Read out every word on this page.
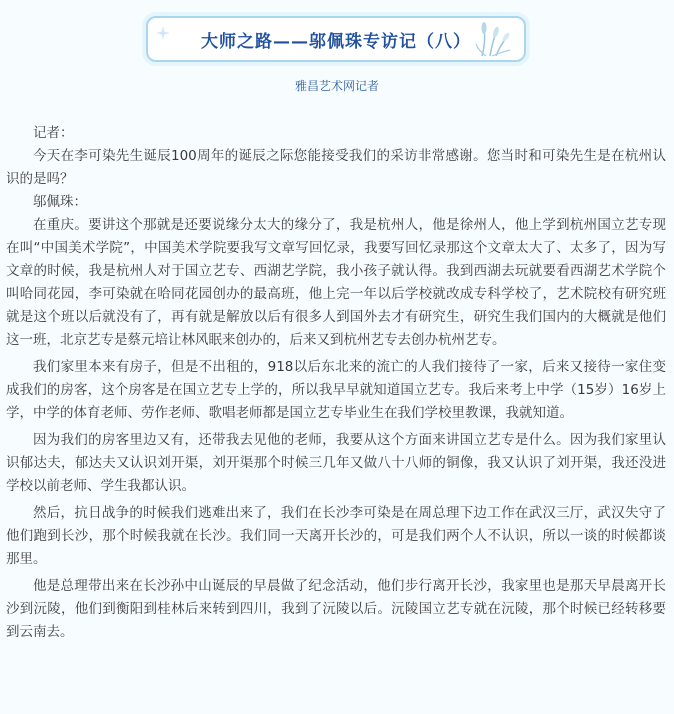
大师之路——邬佩珠专访记（八）
雅昌艺术网记者

记者：

今天在李可染先生诞辰100周年的诞辰之际您能接受我们的采访非常感谢。您当时和可染先生是在杭州认识的是吗？

邬佩珠：

在重庆。要讲这个那就是还要说缘分太大的缘分了，我是杭州人，他是徐州人，他上学到杭州国立艺专现在叫“中国美术学院”，中国美术学院要我写文章写回忆录，我要写回忆录那这个文章太大了、太多了，因为写文章的时候，我是杭州人对于国立艺专、西湖艺学院，我小孩子就认得。我到西湖去玩就要看西湖艺术学院个叫哈同花园，李可染就在哈同花园创办的最高班，他上完一年以后学校就改成专科学校了，艺术院校有研究班就是这个班以后就没有了，再有就是解放以后有很多人到国外去才有研究生，研究生我们国内的大概就是他们这一班，北京艺专是蔡元培让林风眠来创办的，后来又到杭州艺专去创办杭州艺专。

我们家里本来有房子，但是不出租的，918以后东北来的流亡的人我们接待了一家，后来又接待一家住变成我们的房客，这个房客是在国立艺专上学的，所以我早早就知道国立艺专。我后来考上中学（15岁）16岁上学，中学的体育老师、劳作老师、歌唱老师都是国立艺专毕业生在我们学校里教课，我就知道。

因为我们的房客里边又有，还带我去见他的老师，我要从这个方面来讲国立艺专是什么。因为我们家里认识郁达夫，郁达夫又认识刘开渠，刘开渠那个时候三几年又做八十八师的铜像，我又认识了刘开渠，我还没进学校以前老师、学生我都认识。

然后，抗日战争的时候我们逃难出来了，我们在长沙李可染是在周总理下边工作在武汉三厅，武汉失守了他们跑到长沙，那个时候我就在长沙。我们同一天离开长沙的，可是我们两个人不认识，所以一谈的时候都谈那里。

他是总理带出来在长沙孙中山诞辰的早晨做了纪念活动，他们步行离开长沙，我家里也是那天早晨离开长沙到沅陵，他们到衡阳到桂林后来转到四川，我到了沅陵以后。沅陵国立艺专就在沅陵，那个时候已经转移要到云南去。
